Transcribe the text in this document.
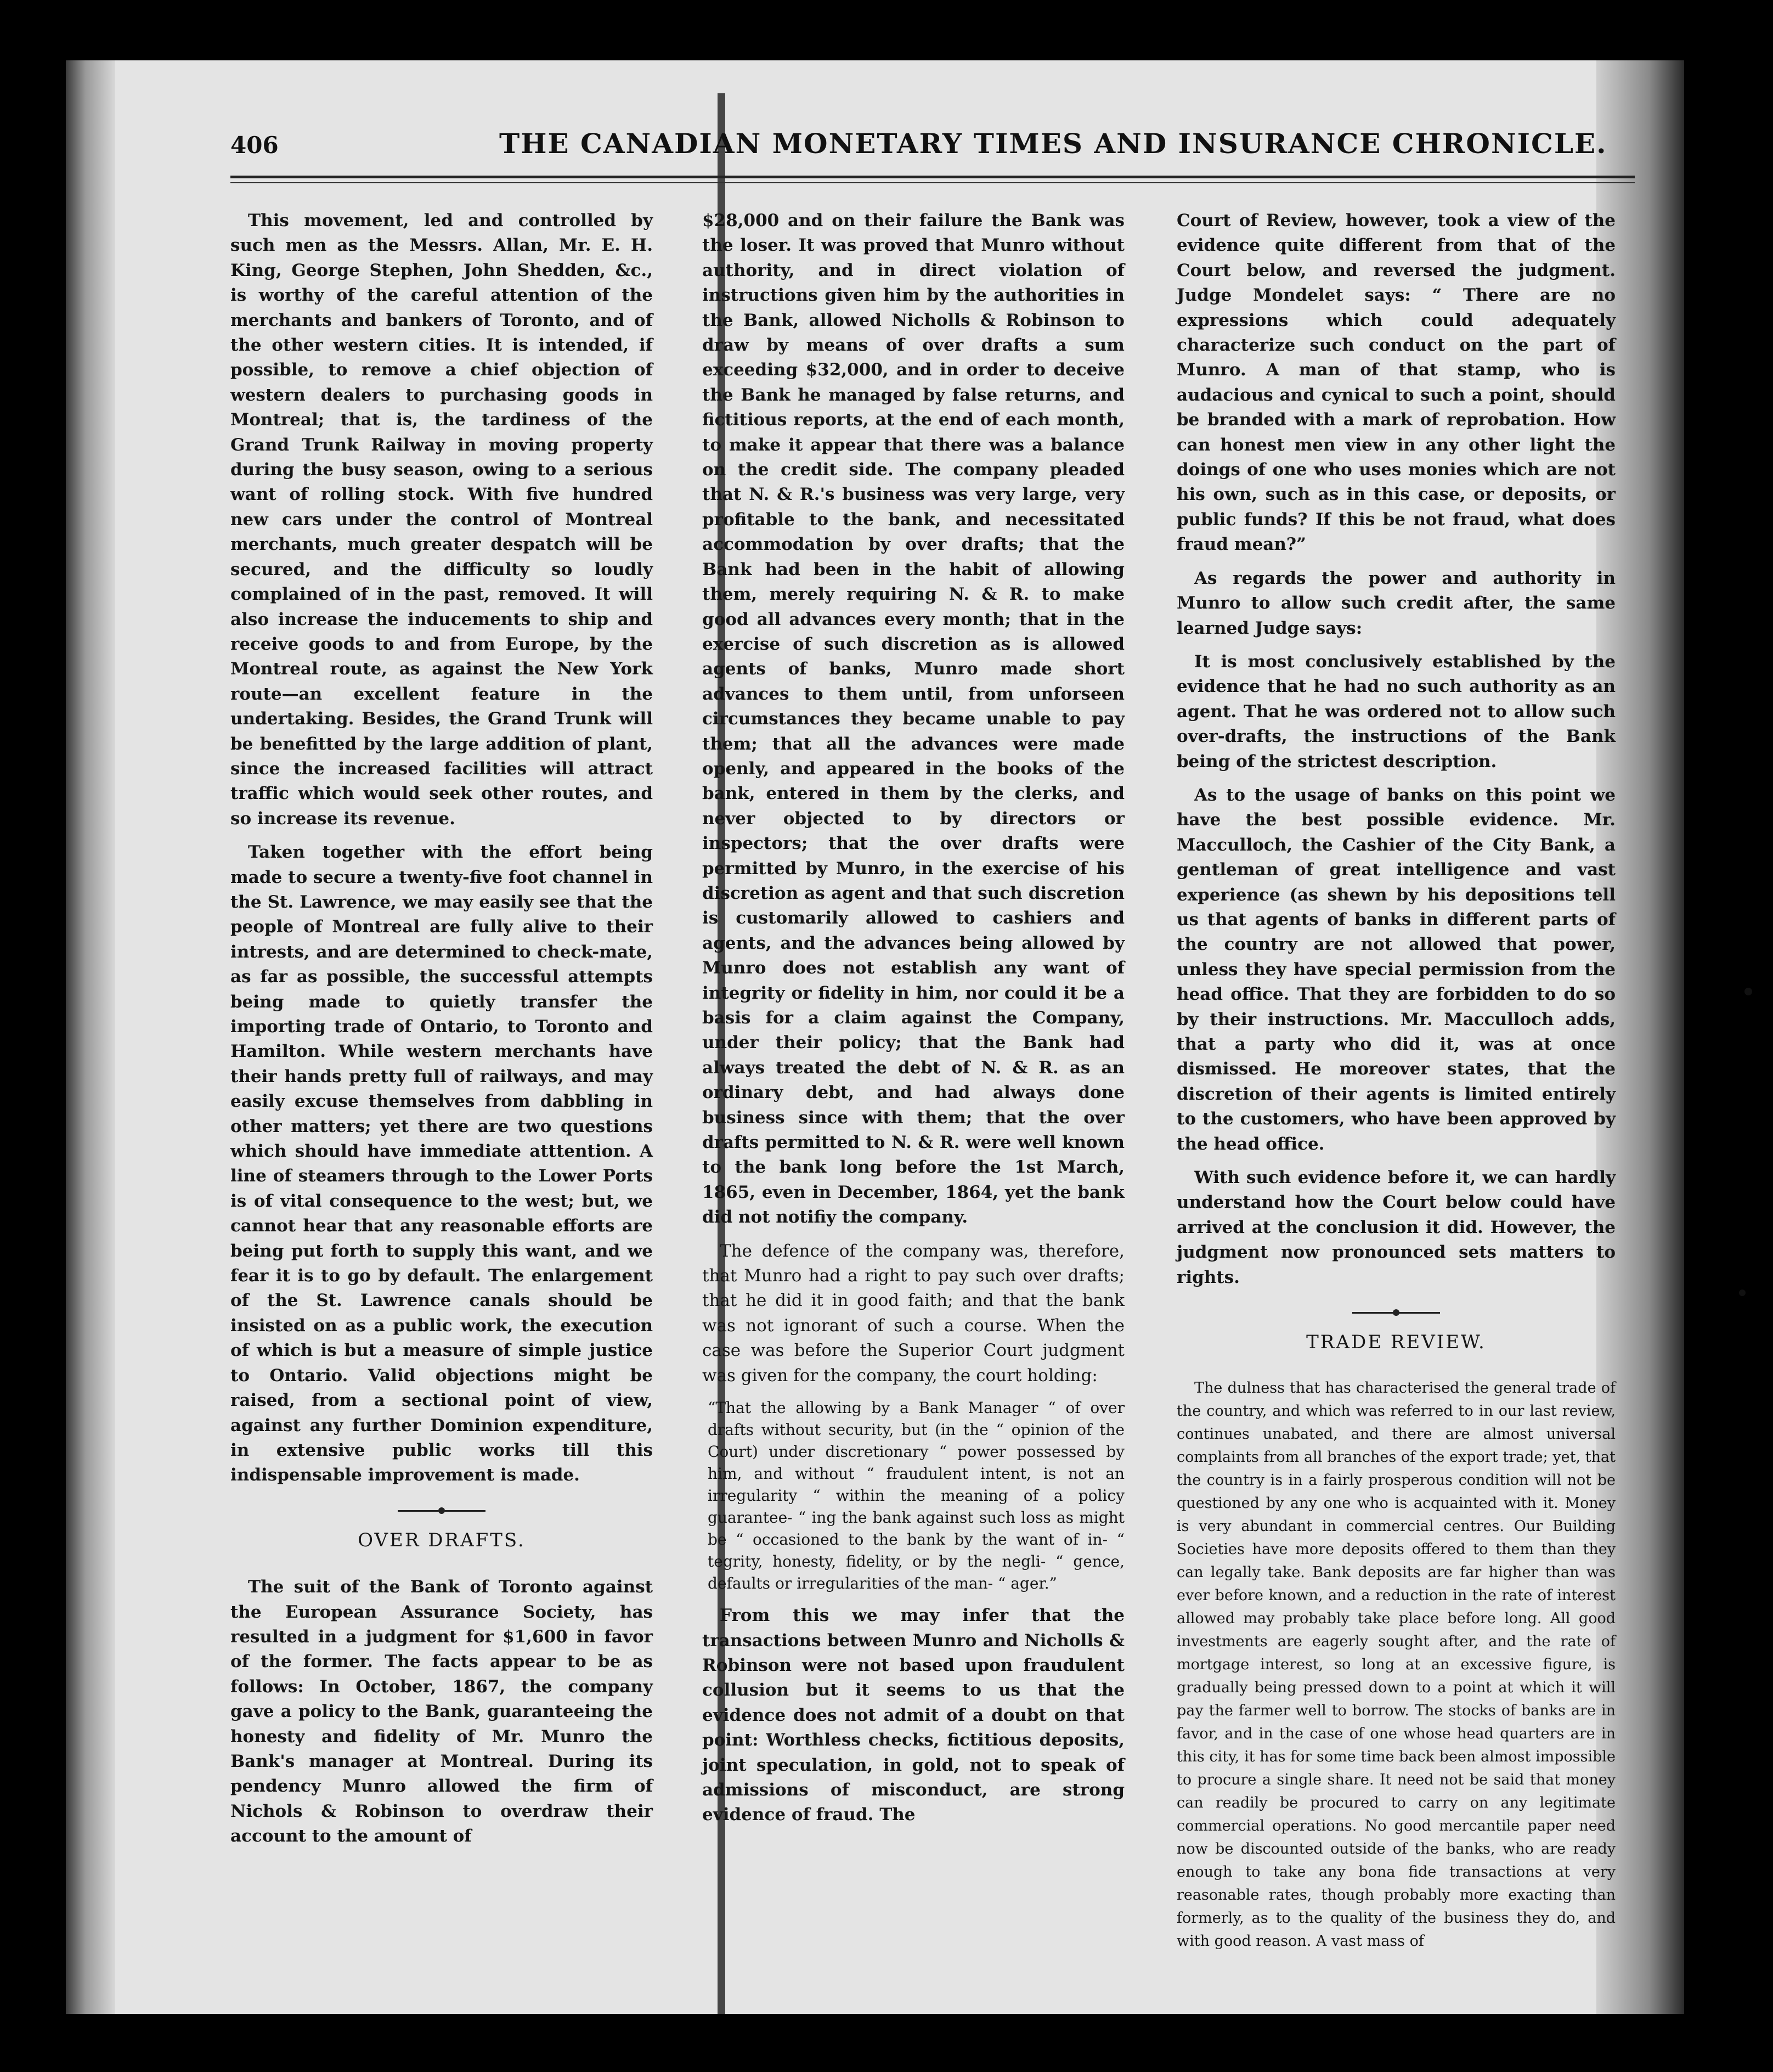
406	THE CANADIAN MONETARY TIMES AND INSURANCE CHRONICLE.

This movement, led and controlled by such men as the Messrs. Allan, Mr. E. H. King, George Stephen, John Shedden, &c., is worthy of the careful attention of the merchants and bankers of Toronto, and of the other western cities. It is intended, if possible, to remove a chief objection of western dealers to purchasing goods in Montreal; that is, the tardiness of the Grand Trunk Railway in moving property during the busy season, owing to a serious want of rolling stock. With five hundred new cars under the control of Montreal merchants, much greater despatch will be secured, and the difficulty so loudly complained of in the past, removed. It will also increase the inducements to ship and receive goods to and from Europe, by the Montreal route, as against the New York route—an excellent feature in the undertaking. Besides, the Grand Trunk will be benefitted by the large addition of plant, since the increased facilities will attract traffic which would seek other routes, and so increase its revenue.

Taken together with the effort being made to secure a twenty-five foot channel in the St. Lawrence, we may easily see that the people of Montreal are fully alive to their intrests, and are determined to check-mate, as far as possible, the successful attempts being made to quietly transfer the importing trade of Ontario, to Toronto and Hamilton. While western merchants have their hands pretty full of railways, and may easily excuse themselves from dabbling in other matters; yet there are two questions which should have immediate atttention. A line of steamers through to the Lower Ports is of vital consequence to the west; but, we cannot hear that any reasonable efforts are being put forth to supply this want, and we fear it is to go by default. The enlargement of the St. Lawrence canals should be insisted on as a public work, the execution of which is but a measure of simple justice to Ontario. Valid objections might be raised, from a sectional point of view, against any further Dominion expenditure, in extensive public works till this indispensable improvement is made.

OVER DRAFTS.

The suit of the Bank of Toronto against the European Assurance Society, has resulted in a judgment for $1,600 in favor of the former. The facts appear to be as follows: In October, 1867, the company gave a policy to the Bank, guaranteeing the honesty and fidelity of Mr. Munro the Bank's manager at Montreal. During its pendency Munro allowed the firm of Nichols & Robinson to overdraw their account to the amount of

$28,000 and on their failure the Bank was the loser. It was proved that Munro without authority, and in direct violation of instructions given him by the authorities in the Bank, allowed Nicholls & Robinson to draw by means of over drafts a sum exceeding $32,000, and in order to deceive the Bank he managed by false returns, and fictitious reports, at the end of each month, to make it appear that there was a balance on the credit side. The company pleaded that N. & R.'s business was very large, very profitable to the bank, and necessitated accommodation by over drafts; that the Bank had been in the habit of allowing them, merely requiring N. & R. to make good all advances every month; that in the exercise of such discretion as is allowed agents of banks, Munro made short advances to them until, from unforseen circumstances they became unable to pay them; that all the advances were made openly, and appeared in the books of the bank, entered in them by the clerks, and never objected to by directors or inspectors; that the over drafts were permitted by Munro, in the exercise of his discretion as agent and that such discretion is customarily allowed to cashiers and agents, and the advances being allowed by Munro does not establish any want of integrity or fidelity in him, nor could it be a basis for a claim against the Company, under their policy; that the Bank had always treated the debt of N. & R. as an ordinary debt, and had always done business since with them; that the over drafts permitted to N. & R. were well known to the bank long before the 1st March, 1865, even in December, 1864, yet the bank did not notifiy the company.

The defence of the company was, therefore, that Munro had a right to pay such over drafts; that he did it in good faith; and that the bank was not ignorant of such a course. When the case was before the Superior Court judgment was given for the company, the court holding:

“That the allowing by a Bank Manager “ of over drafts without security, but (in the “ opinion of the Court) under discretionary “ power possessed by him, and without “ fraudulent intent, is not an irregularity “ within the meaning of a policy guarantee- “ ing the bank against such loss as might be “ occasioned to the bank by the want of in- “ tegrity, honesty, fidelity, or by the negli- “ gence, defaults or irregularities of the man- “ ager.”

From this we may infer that the transactions between Munro and Nicholls & Robinson were not based upon fraudulent collusion but it seems to us that the evidence does not admit of a doubt on that point: Worthless checks, fictitious deposits, joint speculation, in gold, not to speak of admissions of misconduct, are strong evidence of fraud. The

Court of Review, however, took a view of the evidence quite different from that of the Court below, and reversed the judgment. Judge Mondelet says: “ There are no expressions which could adequately characterize such conduct on the part of Munro. A man of that stamp, who is audacious and cynical to such a point, should be branded with a mark of reprobation. How can honest men view in any other light the doings of one who uses monies which are not his own, such as in this case, or deposits, or public funds? If this be not fraud, what does fraud mean?”

As regards the power and authority in Munro to allow such credit after, the same learned Judge says:

It is most conclusively established by the evidence that he had no such authority as an agent. That he was ordered not to allow such over-drafts, the instructions of the Bank being of the strictest description.

As to the usage of banks on this point we have the best possible evidence. Mr. Macculloch, the Cashier of the City Bank, a gentleman of great intelligence and vast experience (as shewn by his depositions tell us that agents of banks in different parts of the country are not allowed that power, unless they have special permission from the head office. That they are forbidden to do so by their instructions. Mr. Macculloch adds, that a party who did it, was at once dismissed. He moreover states, that the discretion of their agents is limited entirely to the customers, who have been approved by the head office.

With such evidence before it, we can hardly understand how the Court below could have arrived at the conclusion it did. However, the judgment now pronounced sets matters to rights.

TRADE REVIEW.

The dulness that has characterised the general trade of the country, and which was referred to in our last review, continues unabated, and there are almost universal complaints from all branches of the export trade; yet, that the country is in a fairly prosperous condition will not be questioned by any one who is acquainted with it. Money is very abundant in commercial centres. Our Building Societies have more deposits offered to them than they can legally take. Bank deposits are far higher than was ever before known, and a reduction in the rate of interest allowed may probably take place before long. All good investments are eagerly sought after, and the rate of mortgage interest, so long at an excessive figure, is gradually being pressed down to a point at which it will pay the farmer well to borrow. The stocks of banks are in favor, and in the case of one whose head quarters are in this city, it has for some time back been almost impossible to procure a single share. It need not be said that money can readily be procured to carry on any legitimate commercial operations. No good mercantile paper need now be discounted outside of the banks, who are ready enough to take any bona fide transactions at very reasonable rates, though probably more exacting than formerly, as to the quality of the business they do, and with good reason. A vast mass of
